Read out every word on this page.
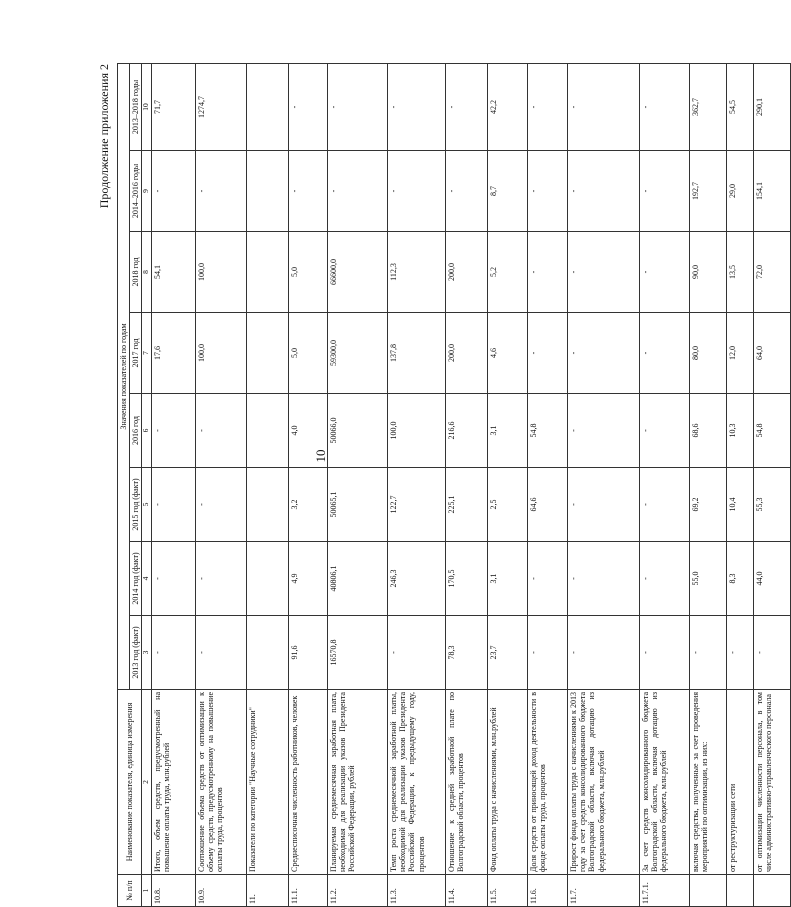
10
Продолжение приложения 2
№ п/п	Наименование показателя, единица измерения	Значения показателей по годам							
		2013 год (факт)	2014 год (факт)	2015 год (факт)	2016 год	2017 год	2018 год	2014–2016 годы	2013–2018 годы
1	2	3	4	5	6	7	8	9	10
10.8.	Итого, объем средств, предусмотренный на повышение оплаты труда, млн.рублей	-	-	-	-	17,6	54,1	-	71,7
10.9.	Соотношение объема средств от оптимизации к объему средств, предусмотренному на повышение оплаты труда, процентов	-	-	-	-	100,0	100,0	-	1274,7
11.	Показатели по категории "Научные сотрудники"								
11.1.	Среднесписочная численность работников, человек	91,6	4,9	3,2	4,0	5,0	5,0	-	-
11.2.	Планируемая среднемесячная заработная плата, необходимая для реализации указов Президента Российской Федерации, рублей	16570,8	40806,1	50065,1	50066,0	59300,0	66600,0	-	-
11.3.	Темп роста среднемесячной заработной платы, необходимой для реализации указов Президента Российской Федерации, к предыдущему году, процентов	-	246,3	122,7	100,0	137,8	112,3	-	-
11.4.	Отношение к средней заработной плате по Волгоградской области, процентов	78,3	170,5	225,1	216,6	200,0	200,0	-	-
11.5.	Фонд оплаты труда с начислениями, млн.рублей	23,7	3,1	2,5	3,1	4,6	5,2	8,7	42,2
11.6.	Доля средств от приносящей доход деятельности в фонде оплаты труда, процентов	-	-	64,6	54,8	-	-	-	-
11.7.	Прирост фонда оплаты труда с начислениями к 2013 году за счет средств консолидированного бюджета Волгоградской области, включая дотацию из федерального бюджета, млн.рублей	-	-	-	-	-	-	-	-
11.7.1.	За счет средств консолидированного бюджета Волгоградской области, включая дотацию из федерального бюджета, млн.рублей	-	-	-	-	-	-	-	-
	включая средства, полученные за счет проведения мероприятий по оптимизации, из них:	-	55,0	69,2	68,6	80,0	90,0	192,7	362,7
	от реструктуризации сети	-	8,3	10,4	10,3	12,0	13,5	29,0	54,5
	от оптимизации численности персонала, в том числе административно-управленческого персонала	-	44,0	55,3	54,8	64,0	72,0	154,1	290,1
